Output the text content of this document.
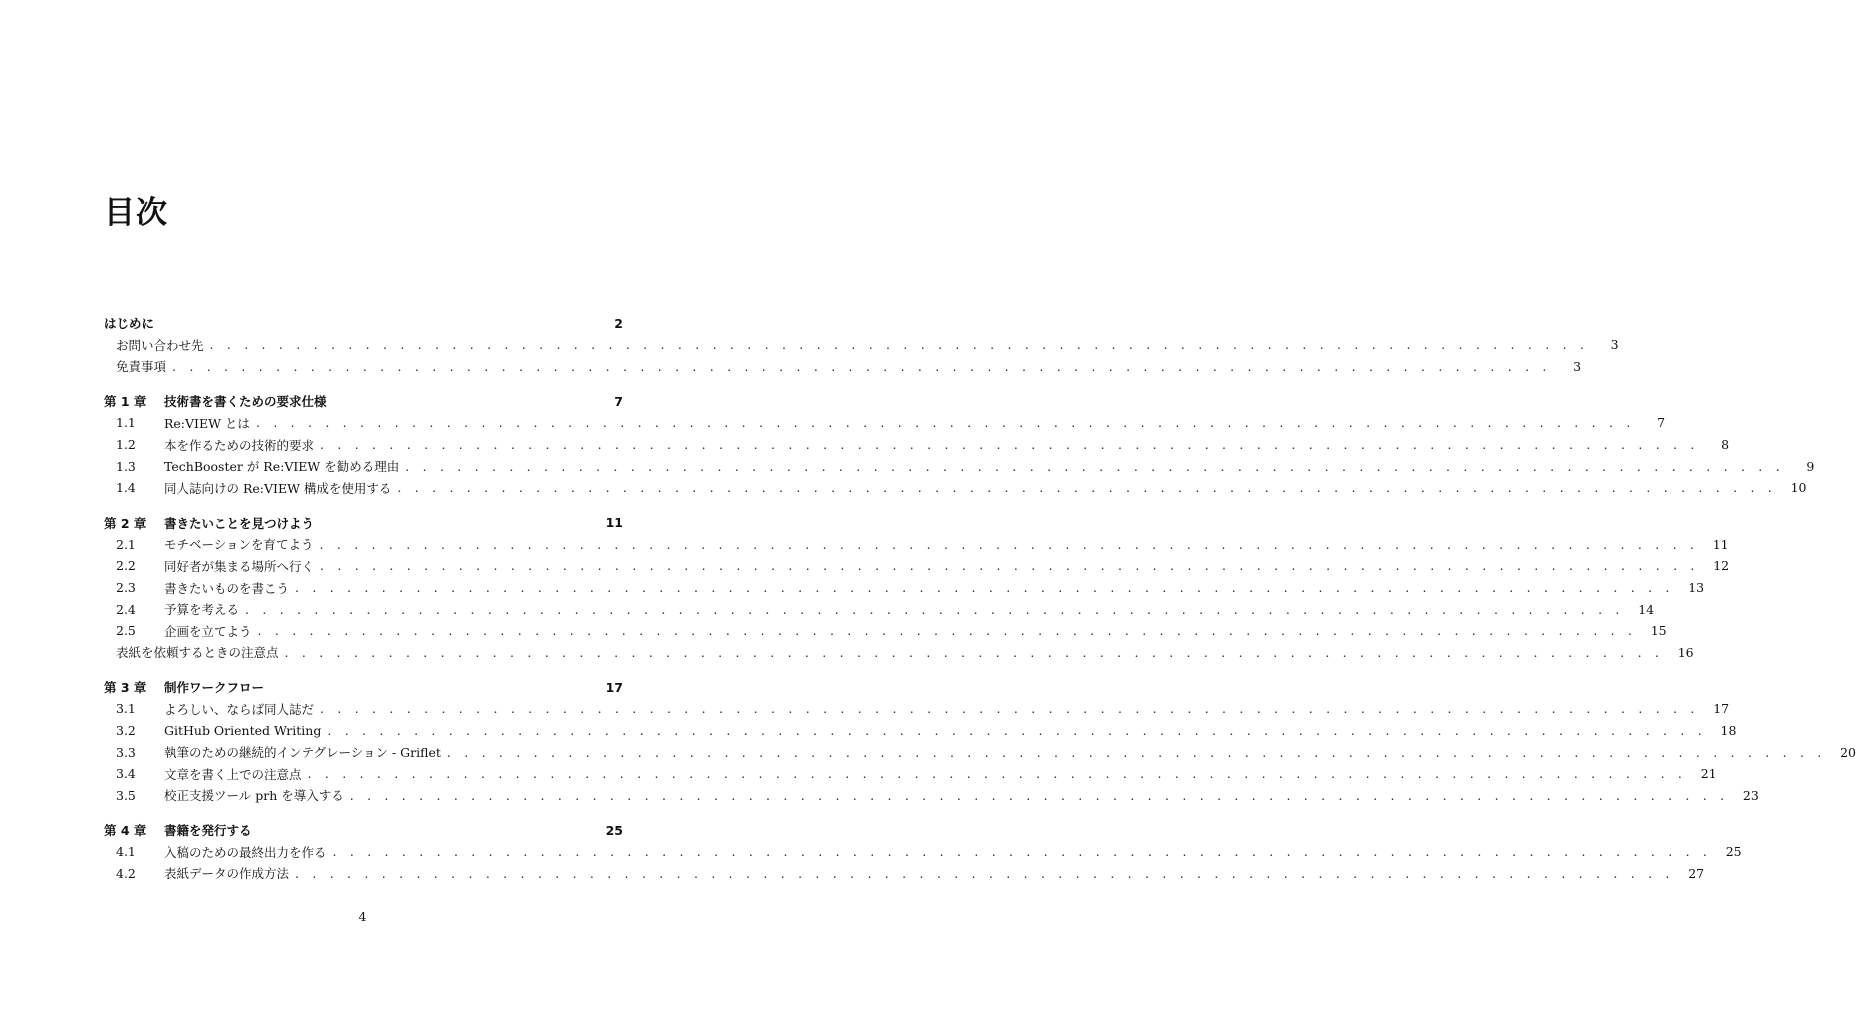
目次
はじめに	2
お問い合わせ先 . . . . . . . . . . . . . . . . . . . . . . . . . . . . . . . . . . . . . . . . . . . . . . . . . . . . . . . . . . . . . . . . . . . . . . . . . . . . . . . .	3
免責事項 . . . . . . . . . . . . . . . . . . . . . . . . . . . . . . . . . . . . . . . . . . . . . . . . . . . . . . . . . . . . . . . . . . . . . . . . . . . . . . . .	3
第 1 章	技術書を書くための要求仕様	7
1.1	Re:VIEW とは . . . . . . . . . . . . . . . . . . . . . . . . . . . . . . . . . . . . . . . . . . . . . . . . . . . . . . . . . . . . . . . . . . . . . . . . . . . . . . . .	7
1.2	本を作るための技術的要求 . . . . . . . . . . . . . . . . . . . . . . . . . . . . . . . . . . . . . . . . . . . . . . . . . . . . . . . . . . . . . . . . . . . . . . . . . . . . . . . .	8
1.3	TechBooster が Re:VIEW を勧める理由 . . . . . . . . . . . . . . . . . . . . . . . . . . . . . . . . . . . . . . . . . . . . . . . . . . . . . . . . . . . . . . . . . . . . . . . . . . . . . . . .	9
1.4	同人誌向けの Re:VIEW 構成を使用する . . . . . . . . . . . . . . . . . . . . . . . . . . . . . . . . . . . . . . . . . . . . . . . . . . . . . . . . . . . . . . . . . . . . . . . . . . . . . . . .	10
第 2 章	書きたいことを見つけよう	11
2.1	モチベーションを育てよう . . . . . . . . . . . . . . . . . . . . . . . . . . . . . . . . . . . . . . . . . . . . . . . . . . . . . . . . . . . . . . . . . . . . . . . . . . . . . . . .	11
2.2	同好者が集まる場所へ行く . . . . . . . . . . . . . . . . . . . . . . . . . . . . . . . . . . . . . . . . . . . . . . . . . . . . . . . . . . . . . . . . . . . . . . . . . . . . . . . .	12
2.3	書きたいものを書こう . . . . . . . . . . . . . . . . . . . . . . . . . . . . . . . . . . . . . . . . . . . . . . . . . . . . . . . . . . . . . . . . . . . . . . . . . . . . . . . .	13
2.4	予算を考える . . . . . . . . . . . . . . . . . . . . . . . . . . . . . . . . . . . . . . . . . . . . . . . . . . . . . . . . . . . . . . . . . . . . . . . . . . . . . . . .	14
2.5	企画を立てよう . . . . . . . . . . . . . . . . . . . . . . . . . . . . . . . . . . . . . . . . . . . . . . . . . . . . . . . . . . . . . . . . . . . . . . . . . . . . . . . .	15
表紙を依頼するときの注意点 . . . . . . . . . . . . . . . . . . . . . . . . . . . . . . . . . . . . . . . . . . . . . . . . . . . . . . . . . . . . . . . . . . . . . . . . . . . . . . . .	16
第 3 章	制作ワークフロー	17
3.1	よろしい、ならば同人誌だ . . . . . . . . . . . . . . . . . . . . . . . . . . . . . . . . . . . . . . . . . . . . . . . . . . . . . . . . . . . . . . . . . . . . . . . . . . . . . . . .	17
3.2	GitHub Oriented Writing . . . . . . . . . . . . . . . . . . . . . . . . . . . . . . . . . . . . . . . . . . . . . . . . . . . . . . . . . . . . . . . . . . . . . . . . . . . . . . . .	18
3.3	執筆のための継続的インテグレーション - Griflet . . . . . . . . . . . . . . . . . . . . . . . . . . . . . . . . . . . . . . . . . . . . . . . . . . . . . . . . . . . . . . . . . . . . . . . . . . . . . . . .	20
3.4	文章を書く上での注意点 . . . . . . . . . . . . . . . . . . . . . . . . . . . . . . . . . . . . . . . . . . . . . . . . . . . . . . . . . . . . . . . . . . . . . . . . . . . . . . . .	21
3.5	校正支援ツール prh を導入する . . . . . . . . . . . . . . . . . . . . . . . . . . . . . . . . . . . . . . . . . . . . . . . . . . . . . . . . . . . . . . . . . . . . . . . . . . . . . . . .	23
第 4 章	書籍を発行する	25
4.1	入稿のための最終出力を作る . . . . . . . . . . . . . . . . . . . . . . . . . . . . . . . . . . . . . . . . . . . . . . . . . . . . . . . . . . . . . . . . . . . . . . . . . . . . . . . .	25
4.2	表紙データの作成方法 . . . . . . . . . . . . . . . . . . . . . . . . . . . . . . . . . . . . . . . . . . . . . . . . . . . . . . . . . . . . . . . . . . . . . . . . . . . . . . . .	27
4
